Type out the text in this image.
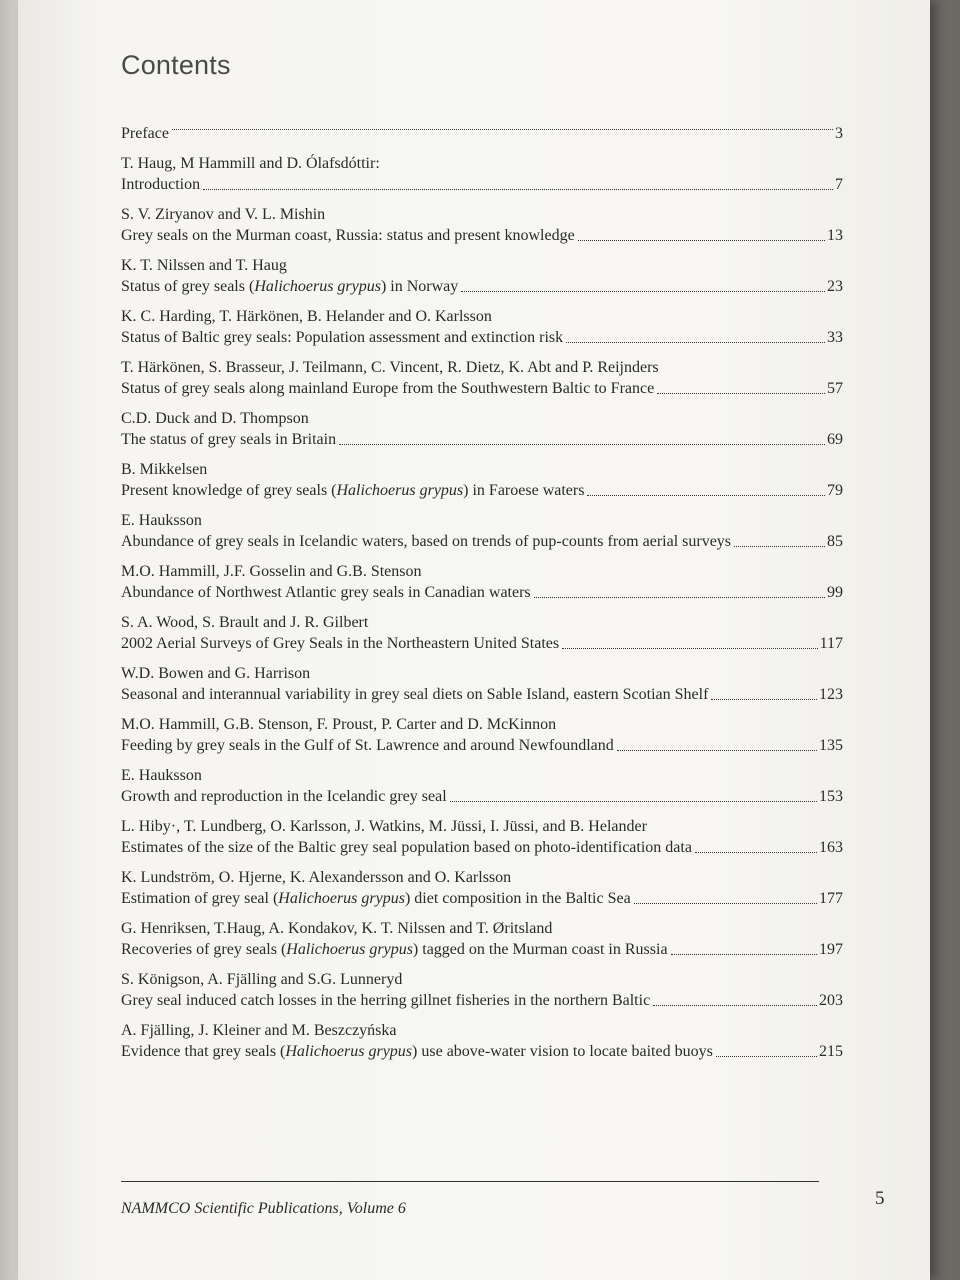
Contents
Preface	3
T. Haug, M Hammill and D. Ólafsdóttir:
Introduction	7
S. V. Ziryanov and V. L. Mishin
Grey seals on the Murman coast, Russia: status and present knowledge	13
K. T. Nilssen and T. Haug
Status of grey seals (Halichoerus grypus) in Norway	23
K. C. Harding, T. Härkönen, B. Helander and O. Karlsson
Status of Baltic grey seals: Population assessment and extinction risk	33
T. Härkönen, S. Brasseur, J. Teilmann, C. Vincent, R. Dietz, K. Abt and P. Reijnders
Status of grey seals along mainland Europe from the Southwestern Baltic to France	57
C.D. Duck and D. Thompson
The status of grey seals in Britain	69
B. Mikkelsen
Present knowledge of grey seals (Halichoerus grypus) in Faroese waters	79
E. Hauksson
Abundance of grey seals in Icelandic waters, based on trends of pup-counts from aerial surveys	85
M.O. Hammill, J.F. Gosselin and G.B. Stenson
Abundance of Northwest Atlantic grey seals in Canadian waters	99
S. A. Wood, S. Brault and J. R. Gilbert
2002 Aerial Surveys of Grey Seals in the Northeastern United States	117
W.D. Bowen and G. Harrison
Seasonal and interannual variability in grey seal diets on Sable Island, eastern Scotian Shelf	123
M.O. Hammill, G.B. Stenson, F. Proust, P. Carter and D. McKinnon
Feeding by grey seals in the Gulf of St. Lawrence and around Newfoundland	135
E. Hauksson
Growth and reproduction in the Icelandic grey seal	153
L. Hiby·, T. Lundberg, O. Karlsson, J. Watkins, M. Jüssi, I. Jüssi, and B. Helander
Estimates of the size of the Baltic grey seal population based on photo-identification data	163
K. Lundström, O. Hjerne, K. Alexandersson and O. Karlsson
Estimation of grey seal (Halichoerus grypus) diet composition in the Baltic Sea	177
G. Henriksen, T.Haug, A. Kondakov, K. T. Nilssen and T. Øritsland
Recoveries of grey seals (Halichoerus grypus) tagged on the Murman coast in Russia	197
S. Königson, A. Fjälling and S.G. Lunneryd
Grey seal induced catch losses in the herring gillnet fisheries in the northern Baltic	203
A. Fjälling, J. Kleiner and M. Beszczyńska
Evidence that grey seals (Halichoerus grypus) use above-water vision to locate baited buoys	215
NAMMCO Scientific Publications, Volume 6	5
